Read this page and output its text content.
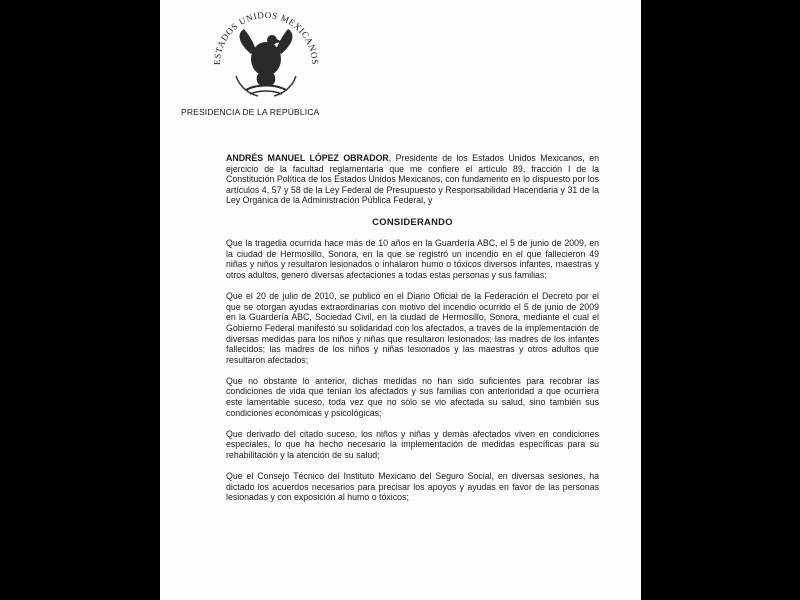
ESTADOS UNIDOS MEXICANOS
PRESIDENCIA DE LA REPÚBLICA

ANDRÉS MANUEL LÓPEZ OBRADOR, Presidente de los Estados Unidos Mexicanos, en ejercicio de la facultad reglamentaria que me confiere el artículo 89, fracción I de la Constitución Política de los Estados Unidos Mexicanos, con fundamento en lo dispuesto por los artículos 4, 57 y 58 de la Ley Federal de Presupuesto y Responsabilidad Hacendaria y 31 de la Ley Orgánica de la Administración Pública Federal, y

CONSIDERANDO

Que la tragedia ocurrida hace más de 10 años en la Guardería ABC, el 5 de junio de 2009, en la ciudad de Hermosillo, Sonora, en la que se registró un incendio en el que fallecieron 49 niñas y niños y resultaron lesionados o inhalaron humo o tóxicos diversos infantes, maestras y otros adultos, generó diversas afectaciones a todas estas personas y sus familias;

Que el 20 de julio de 2010, se publicó en el Diario Oficial de la Federación el Decreto por el que se otorgan ayudas extraordinarias con motivo del incendio ocurrido el 5 de junio de 2009 en la Guardería ABC, Sociedad Civil, en la ciudad de Hermosillo, Sonora, mediante el cual el Gobierno Federal manifestó su solidaridad con los afectados, a través de la implementación de diversas medidas para los niños y niñas que resultaron lesionados; las madres de los infantes fallecidos; las madres de los niños y niñas lesionados y las maestras y otros adultos que resultaron afectados;

Que no obstante lo anterior, dichas medidas no han sido suficientes para recobrar las condiciones de vida que tenían los afectados y sus familias con anterioridad a que ocurriera este lamentable suceso, toda vez que no sólo se vio afectada su salud, sino también sus condiciones económicas y psicológicas;

Que derivado del citado suceso, los niños y niñas y demás afectados viven en condiciones especiales, lo que ha hecho necesario la implementación de medidas específicas para su rehabilitación y la atención de su salud;

Que el Consejo Técnico del Instituto Mexicano del Seguro Social, en diversas sesiones, ha dictado los acuerdos necesarios para precisar los apoyos y ayudas en favor de las personas lesionadas y con exposición al humo o tóxicos;
